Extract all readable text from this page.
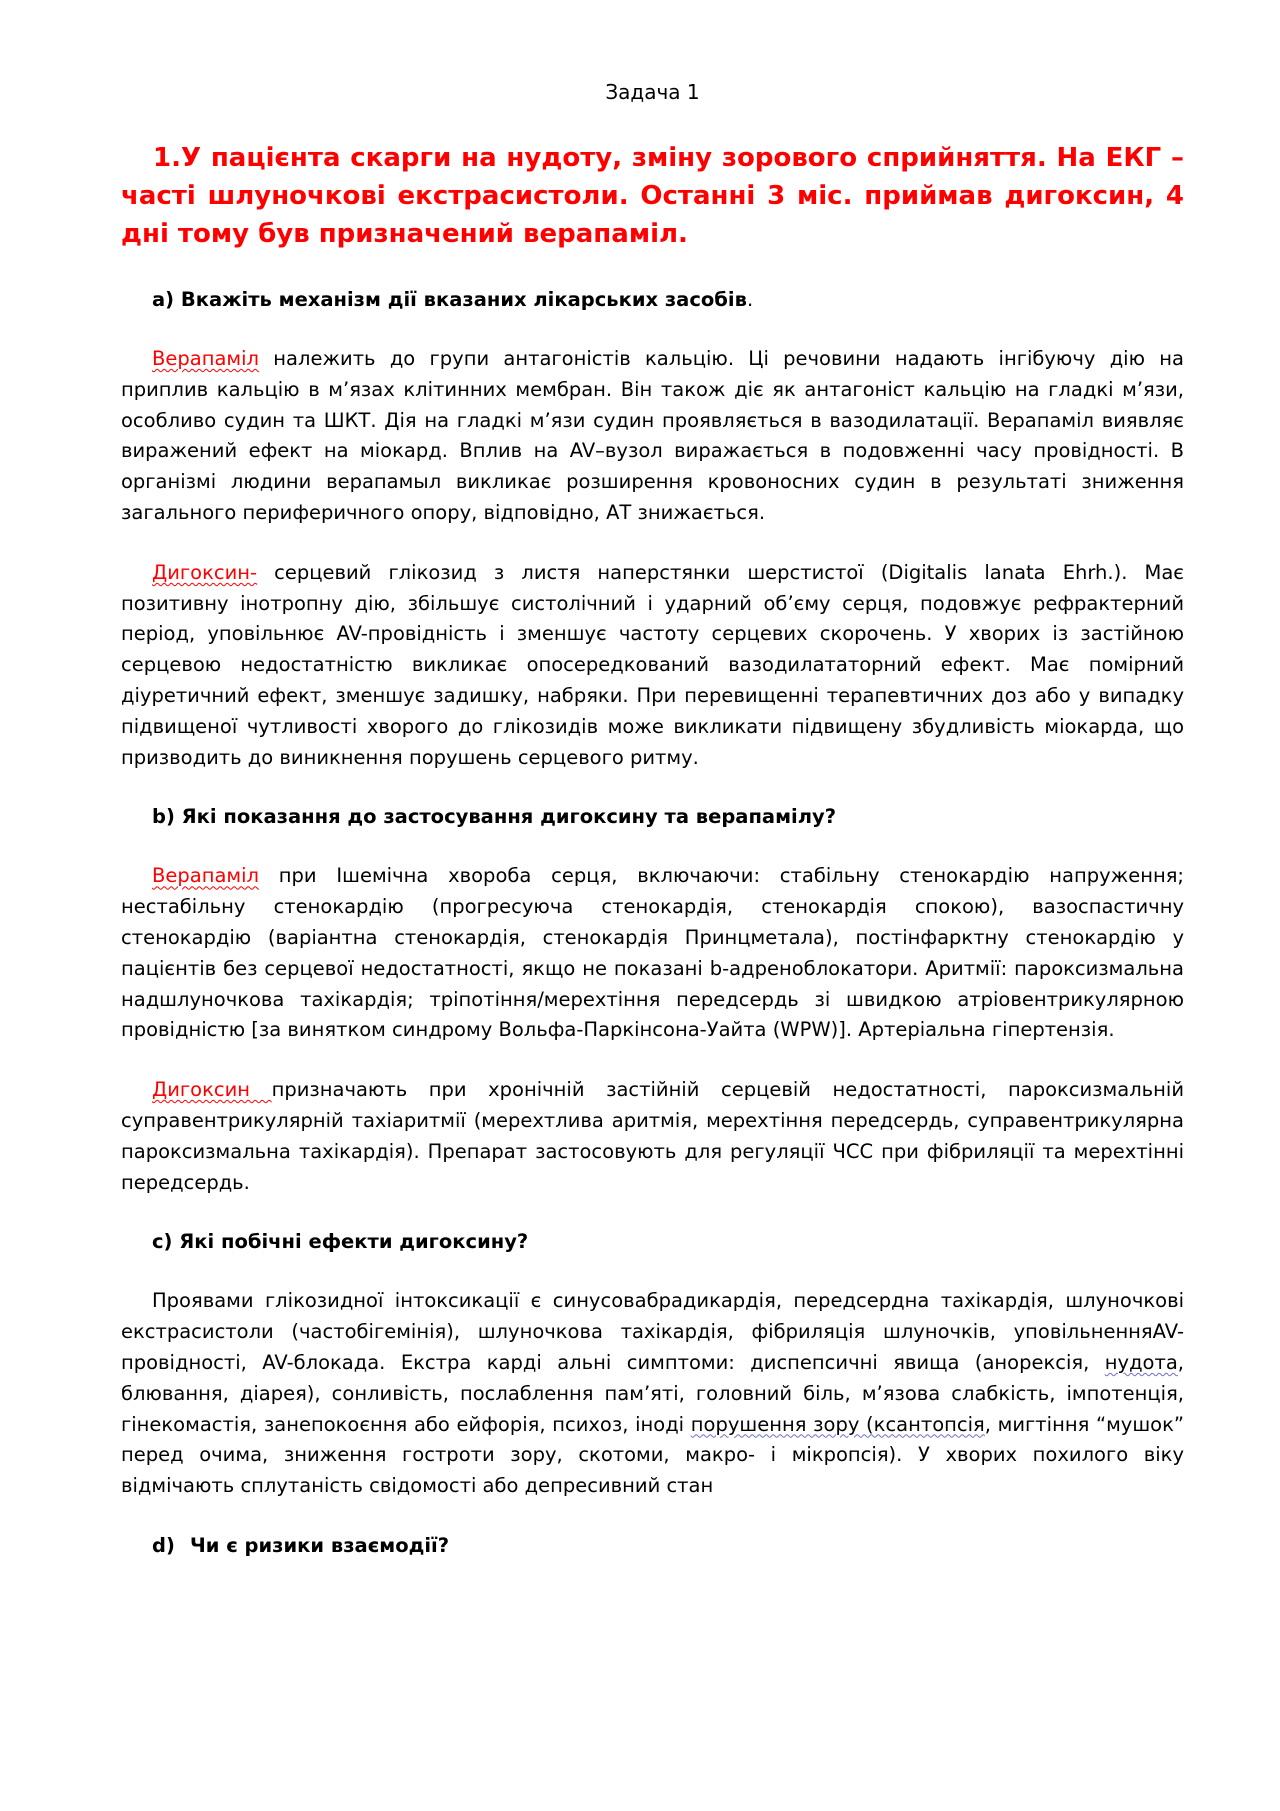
Задача 1

1.У пацієнта скарги на нудоту, зміну зорового сприйняття. На ЕКГ – часті шлуночкові екстрасистоли. Останні 3 міс. приймав дигоксин, 4 дні тому був призначений верапаміл.

а) Вкажіть механізм дії вказаних лікарських засобів.

Верапаміл належить до групи антагоністів кальцію. Ці речовини надають інгібуючу дію на приплив кальцію в м’язах клітинних мембран. Він також діє як антагоніст кальцію на гладкі м’язи, особливо судин та ШКТ. Дія на гладкі м’язи судин проявляється в вазодилатації. Верапаміл виявляє виражений ефект на міокард. Вплив на AV–вузол виражається в подовженні часу провідності. В організмі людини верапамыл викликає розширення кровоносних судин в результаті зниження загального периферичного опору, відповідно, АТ знижається.

Дигоксин- серцевий глікозид з листя наперстянки шерстистої (Digitalis lanata Ehrh.). Має позитивну інотропну дію, збільшує систолічний і ударний об’єму серця, подовжує рефрактерний період, уповільнює AV-провідність і зменшує частоту серцевих скорочень. У хворих із застійною серцевою недостатністю викликає опосередкований вазодилататорний ефект. Має помірний діуретичний ефект, зменшує задишку, набряки. При перевищенні терапевтичних доз або у випадку підвищеної чутливості хворого до глікозидів може викликати підвищену збудливість міокарда, що призводить до виникнення порушень серцевого ритму.

b) Які показання до застосування дигоксину та верапамілу?

Верапаміл при Ішемічна хвороба серця, включаючи: стабільну стенокардію напруження; нестабільну стенокардію (прогресуюча стенокардія, стенокардія спокою), вазоспастичну стенокардію (варіантна стенокардія, стенокардія Принцметала), постінфарктну стенокардію у пацієнтів без серцевої недостатності, якщо не показані b-адреноблокатори. Аритмії: пароксизмальна надшлуночкова тахікардія; тріпотіння/мерехтіння передсердь зі швидкою атріовентрикулярною провідністю [за винятком синдрому Вольфа-Паркінсона-Уайта (WPW)]. Артеріальна гіпертензія.

Дигоксин призначають при хронічній застійній серцевій недостатності, пароксизмальній суправентрикулярній тахіаритмії (мерехтлива аритмія, мерехтіння передсердь, суправентрикулярна пароксизмальна тахікардія). Препарат застосовують для регуляції ЧСС при фібриляції та мерехтінні передсердь.

c) Які побічні ефекти дигоксину?

Проявами глікозидної інтоксикації є синусовабрадикардія, передсердна тахікардія, шлуночкові екстрасистоли (частобігемінія), шлуночкова тахікардія, фібриляція шлуночків, уповільненняAV-провідності, AV-блокада. Екстра карді альні симптоми: диспепсичні явища (анорексія, нудота, блювання, діарея), сонливість, послаблення пам’яті, головний біль, м’язова слабкість, імпотенція, гінекомастія, занепокоєння або ейфорія, психоз, іноді порушення зору (ксантопсія, мигтіння “мушок” перед очима, зниження гостроти зору, скотоми, макро- і мікропсія). У хворих похилого віку відмічають сплутаність свідомості або депресивний стан

d) Чи є ризики взаємодії?
